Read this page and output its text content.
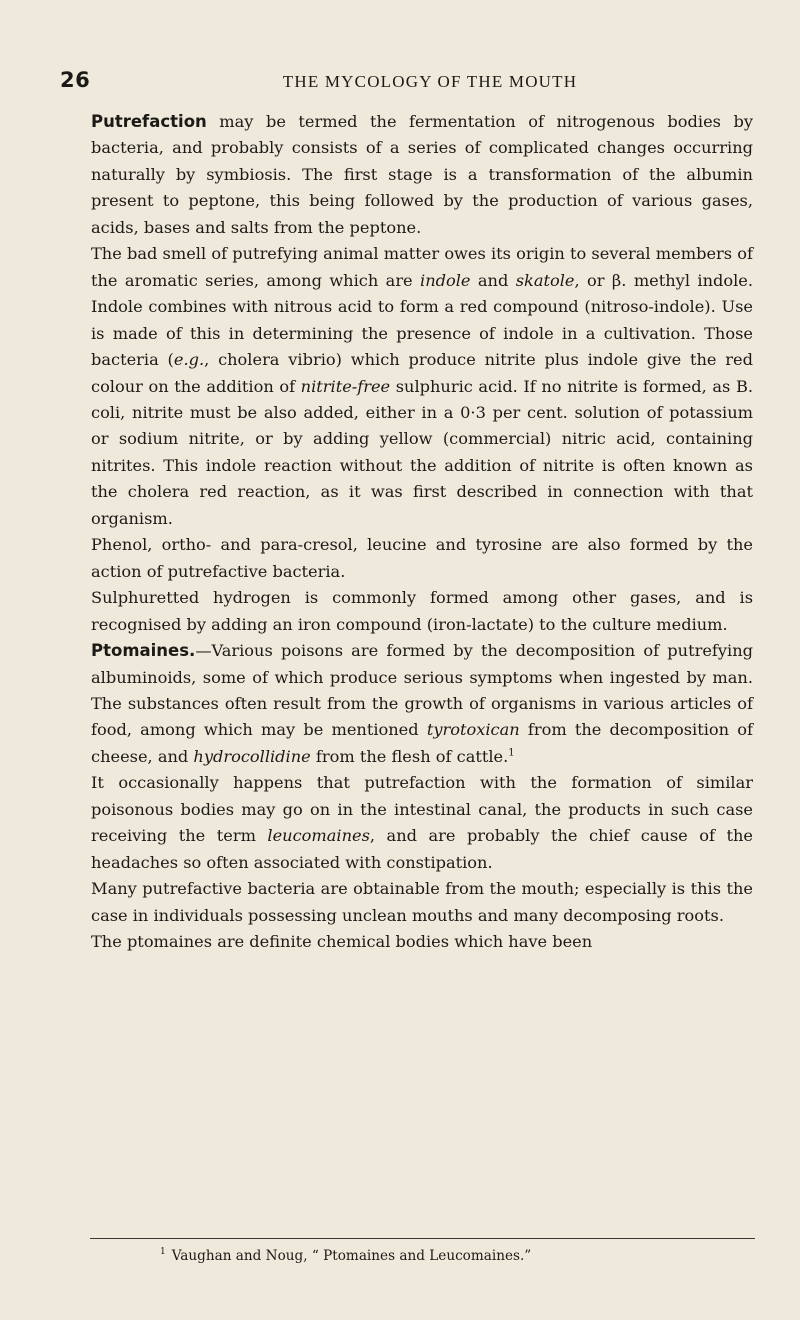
26	THE MYCOLOGY OF THE MOUTH

Putrefaction may be termed the fermentation of nitrogenous bodies by bacteria, and probably consists of a series of complicated changes occurring naturally by symbiosis. The first stage is a transformation of the albumin present to peptone, this being followed by the production of various gases, acids, bases and salts from the peptone.

The bad smell of putrefying animal matter owes its origin to several members of the aromatic series, among which are indole and skatole, or β. methyl indole. Indole combines with nitrous acid to form a red compound (nitroso-indole). Use is made of this in determining the presence of indole in a cultivation. Those bacteria (e.g., cholera vibrio) which produce nitrite plus indole give the red colour on the addition of nitrite-free sulphuric acid. If no nitrite is formed, as B. coli, nitrite must be also added, either in a 0·3 per cent. solution of potassium or sodium nitrite, or by adding yellow (commercial) nitric acid, containing nitrites. This indole reaction without the addition of nitrite is often known as the cholera red reaction, as it was first described in connection with that organism.

Phenol, ortho- and para-cresol, leucine and tyrosine are also formed by the action of putrefactive bacteria.

Sulphuretted hydrogen is commonly formed among other gases, and is recognised by adding an iron compound (iron-lactate) to the culture medium.

Ptomaines.—Various poisons are formed by the decomposition of putrefying albuminoids, some of which produce serious symptoms when ingested by man. The substances often result from the growth of organisms in various articles of food, among which may be mentioned tyrotoxican from the decomposition of cheese, and hydrocollidine from the flesh of cattle.$^1$

It occasionally happens that putrefaction with the formation of similar poisonous bodies may go on in the intestinal canal, the products in such case receiving the term leucomaines, and are probably the chief cause of the headaches so often associated with constipation.

Many putrefactive bacteria are obtainable from the mouth; especially is this the case in individuals possessing unclean mouths and many decomposing roots.

The ptomaines are definite chemical bodies which have been

$^1$ Vaughan and Noug, “ Ptomaines and Leucomaines.”
